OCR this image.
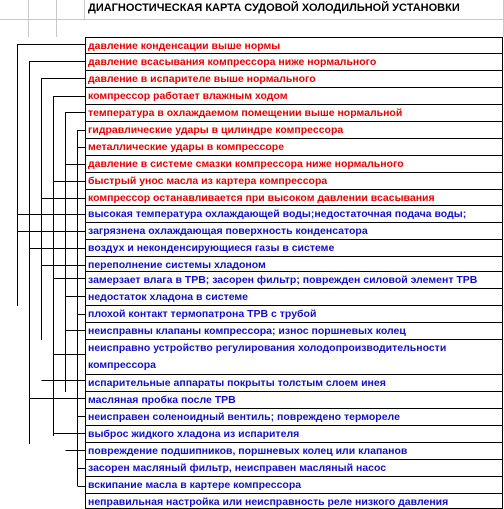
ДИАГНОСТИЧЕСКАЯ КАРТА СУДОВОЙ ХОЛОДИЛЬНОЙ УСТАНОВКИ
давление конденсации выше нормы
давление всасывания компрессора ниже нормального
давление в испарителе выше нормального
компрессор работает влажным ходом
температура в охлаждаемом помещении выше нормальной
гидравлические удары в цилиндре компрессора
металлические удары в компрессоре
давление в системе смазки компрессора ниже нормального
быстрый унос масла из картера компрессора
компрессор останавливается при высоком давлении всасывания
высокая температура охлаждающей воды;недостаточная подача воды;
загрязнена охлаждающая поверхность конденсатора
воздух и неконденсирующиеся газы в системе
переполнение системы хладоном
замерзает влага в ТРВ; засорен фильтр; поврежден силовой элемент ТРВ
недостаток хладона в системе
плохой контакт термопатрона ТРВ с трубой
неисправны клапаны компрессора; износ поршневых колец
неисправно устройство регулирования холодопроизводительности
компрессора
испарительные аппараты покрыты толстым слоем инея
масляная пробка после ТРВ
неисправен соленоидный вентиль; повреждено термореле
выброс жидкого хладона из испарителя
повреждение подшипников, поршневых колец или клапанов
засорен масляный фильтр, неисправен масляный насос
вскипание масла в картере компрессора
неправильная настройка или неисправность реле низкого давления
